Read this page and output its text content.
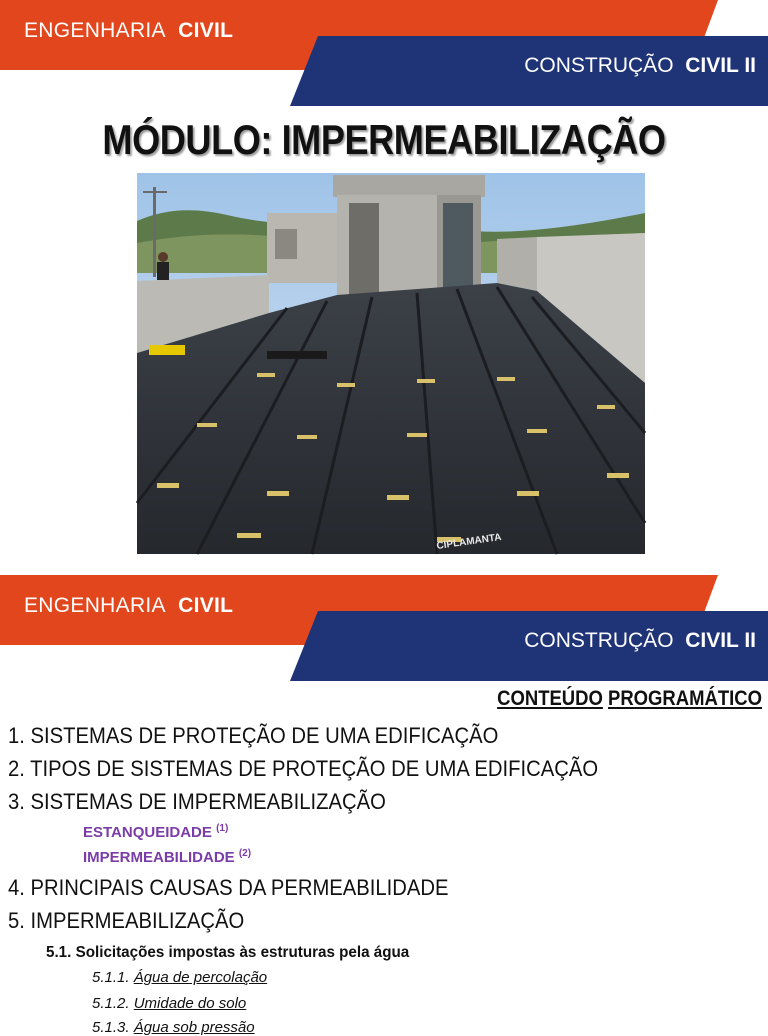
ENGENHARIA CIVIL
CONSTRUÇÃO CIVIL II
MÓDULO: IMPERMEABILIZAÇÃO
CIPLAMANTA
ENGENHARIA CIVIL
CONSTRUÇÃO CIVIL II
CONTEÚDO PROGRAMÁTICO
1. SISTEMAS DE PROTEÇÃO DE UMA EDIFICAÇÃO
2. TIPOS DE SISTEMAS DE PROTEÇÃO DE UMA EDIFICAÇÃO
3. SISTEMAS DE IMPERMEABILIZAÇÃO
ESTANQUEIDADE $^{(1)}$
IMPERMEABILIDADE $^{(2)}$
4. PRINCIPAIS CAUSAS DA PERMEABILIDADE
5. IMPERMEABILIZAÇÃO
5.1. Solicitações impostas às estruturas pela água
5.1.1. Água de percolação
5.1.2. Umidade do solo
5.1.3. Água sob pressão
